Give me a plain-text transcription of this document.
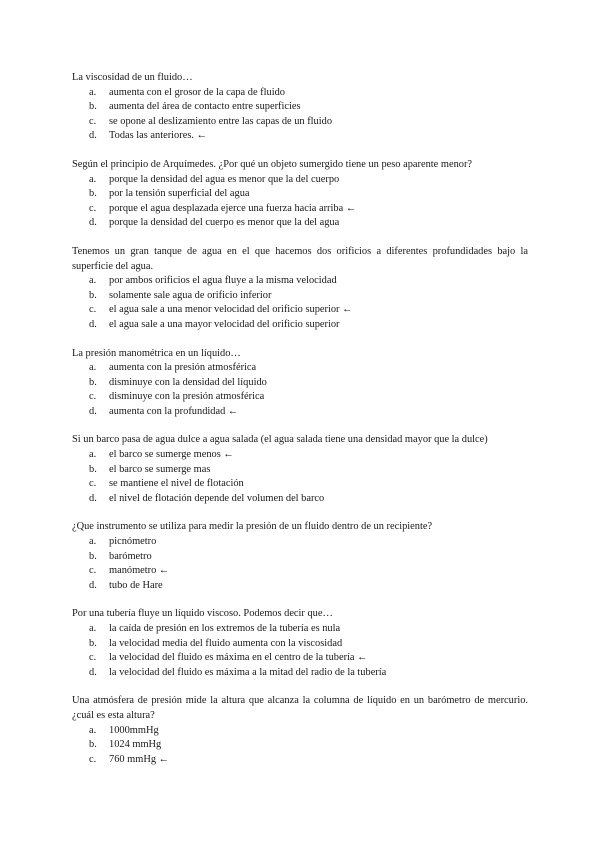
La viscosidad de un fluido…

a. aumenta con el grosor de la capa de fluido
b. aumenta del área de contacto entre superficies
c. se opone al deslizamiento entre las capas de un fluido
d. Todas las anteriores. ←

Según el principio de Arquímedes. ¿Por qué un objeto sumergido tiene un peso aparente menor?

a. porque la densidad del agua es menor que la del cuerpo
b. por la tensión superficial del agua
c. porque el agua desplazada ejerce una fuerza hacia arriba ←
d. porque la densidad del cuerpo es menor que la del agua

Tenemos un gran tanque de agua en el que hacemos dos orificios a diferentes profundidades bajo la superficie del agua.

a. por ambos orificios el agua fluye a la misma velocidad
b. solamente sale agua de orificio inferior
c. el agua sale a una menor velocidad del orificio superior ←
d. el agua sale a una mayor velocidad del orificio superior

La presión manométrica en un líquido…

a. aumenta con la presión atmosférica
b. disminuye con la densidad del líquido
c. disminuye con la presión atmosférica
d. aumenta con la profundidad ←

Si un barco pasa de agua dulce a agua salada (el agua salada tiene una densidad mayor que la dulce)

a. el barco se sumerge menos ←
b. el barco se sumerge mas
c. se mantiene el nivel de flotación
d. el nivel de flotación depende del volumen del barco

¿Que instrumento se utiliza para medir la presión de un fluido dentro de un recipiente?

a. picnómetro
b. barómetro
c. manómetro ←
d. tubo de Hare

Por una tubería fluye un líquido viscoso. Podemos decir que…

a. la caída de presión en los extremos de la tubería es nula
b. la velocidad media del fluido aumenta con la viscosidad
c. la velocidad del fluido es máxima en el centro de la tubería ←
d. la velocidad del fluido es máxima a la mitad del radio de la tubería

Una atmósfera de presión mide la altura que alcanza la columna de líquido en un barómetro de mercurio. ¿cuál es esta altura?

a. 1000mmHg
b. 1024 mmHg
c. 760 mmHg ←
